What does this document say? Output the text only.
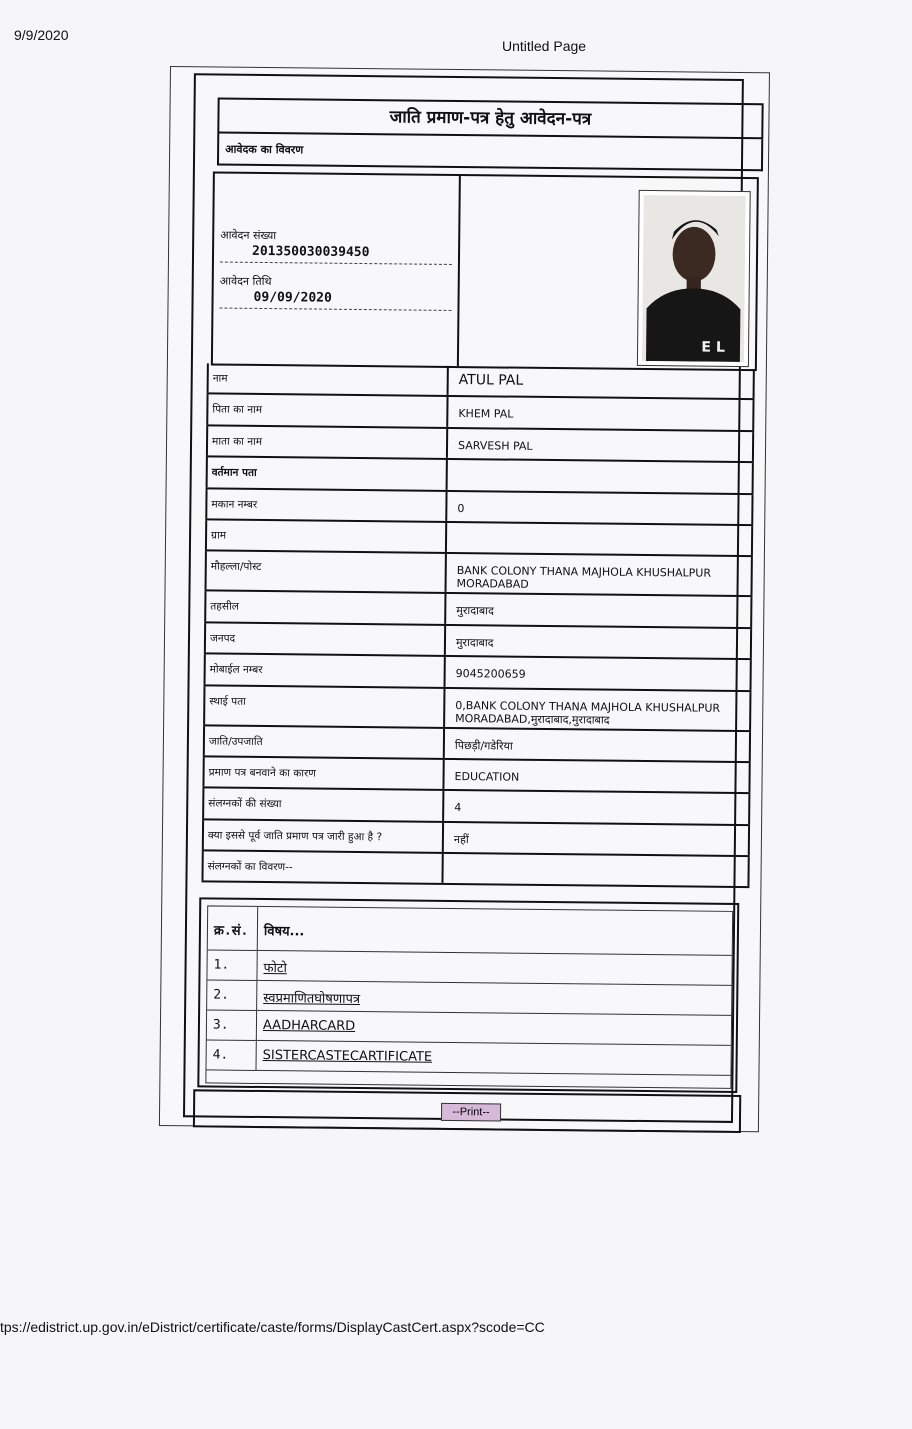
9/9/2020
Untitled Page
जाति प्रमाण-पत्र हेतु आवेदन-पत्र
आवेदक का विवरण
आवेदन संख्या
201350030039450
आवेदन तिथि
09/09/2020
E L
नाम	ATUL PAL
पिता का नाम	KHEM PAL
माता का नाम	SARVESH PAL
वर्तमान पता
मकान नम्बर	0
ग्राम
मौहल्ला/पोस्ट	BANK COLONY THANA MAJHOLA KHUSHALPUR MORADABAD
तहसील	मुरादाबाद
जनपद	मुरादाबाद
मोबाईल नम्बर	9045200659
स्थाई पता	0,BANK COLONY THANA MAJHOLA KHUSHALPUR MORADABAD,मुरादाबाद,मुरादाबाद
जाति/उपजाति	पिछड़ी/गडेरिया
प्रमाण पत्र बनवाने का कारण	EDUCATION
संलग्नकों की संख्या	4
क्या इससे पूर्व जाति प्रमाण पत्र जारी हुआ है ?	नहीं
संलग्नकों का विवरण--
क्र.सं.	विषय...
1.	फोटो
2.	स्वप्रमाणितघोषणापत्र
3.	AADHARCARD
4.	SISTERCASTECARTIFICATE
--Print--
tps://edistrict.up.gov.in/eDistrict/certificate/caste/forms/DisplayCastCert.aspx?scode=CC
